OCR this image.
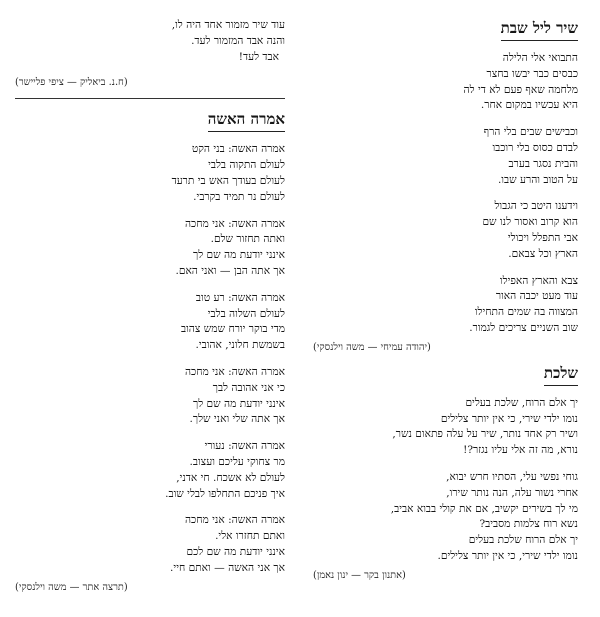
עוד שיר מזמור אחד היה לו,
והנה אבד המזמור לעד.
אבד לעד!
(ח.נ. ביאליק — ציפי פליישר)
אמרה האשה
אמרה האשה: בני הקט
לעולם התקוה בלבי
לעולם בעודך האש בי תרעד
לעולם נר תמיד בקרבי.
אמרה האשה: אני מחכה
ואתה תחזור שלם.
אינני יודעת מה שם לך
אך אתה הבן — ואני האם.
אמרה האשה: רע טוב
לעולם השלוה בלבי
מדי בוקר יורח שמש צהוב
בשמשת חלוני, אהובי.
אמרה האשה: אני מחכה
כי אני אהובה לבך
אינני יודעת מה שם לך
אך אתה שלי ואני שלך.
אמרה האשה: נעורי
מר צחוקי עליכם ועצוב.
לעולם לא אשכח. חי אדני,
איך פניכם התחלפו לבלי שוב.
אמרה האשה: אני מחכה
ואתם תחזרו אלי.
אינני יודעת מה שם לכם
אך אני האשה — ואתם חיי.
(תרצה אתר — משה וילנסקי)
שיר ליל שבת
התבואי אלי הלילה
כבסים כבר יבשו בחצר
מלחמה שאף פעם לא די לה
היא עכשיו במקום אחר.
וכבישים שבים בלי הרף
לבדם כסוס בלי רוכבו
והבית נסגר בערב
על הטוב והרע שבו.
וידענו היטב כי הגבול
הוא קרוב ואסור לנו שם
אבי התפלל ויכולי
הארץ וכל צבאם.
צבא והארץ האפילו
עוד מעט יכבה האור
המצווה בה שמים התחילו
שוב השניים צריכים לגמור.
(יהודה עמיחי — משה וילנסקי)
שלכת
יך אלם הרוח, שלכת בעלים
נומו ילדי שירי, כי אין יותר צלילים
ושיר רק אחד נותר, שיר על עלה פתאום נשר,
נורא, מה זה אלי עליו נגזר?!
גוחי נפשי עלי, הסתיו חרש יבוא,
אחרי נשור עלה, הנה נותר שירו,
מי לך בשירים יקשיב, אם את קולי בבוא אביב,
נשא רוח צלמות מסביב?
יך אלם הרוח שלכת בעלים
נומו ילדי שירי, כי אין יותר צלילים.
(אתנון בקר — ינון נאמן)
